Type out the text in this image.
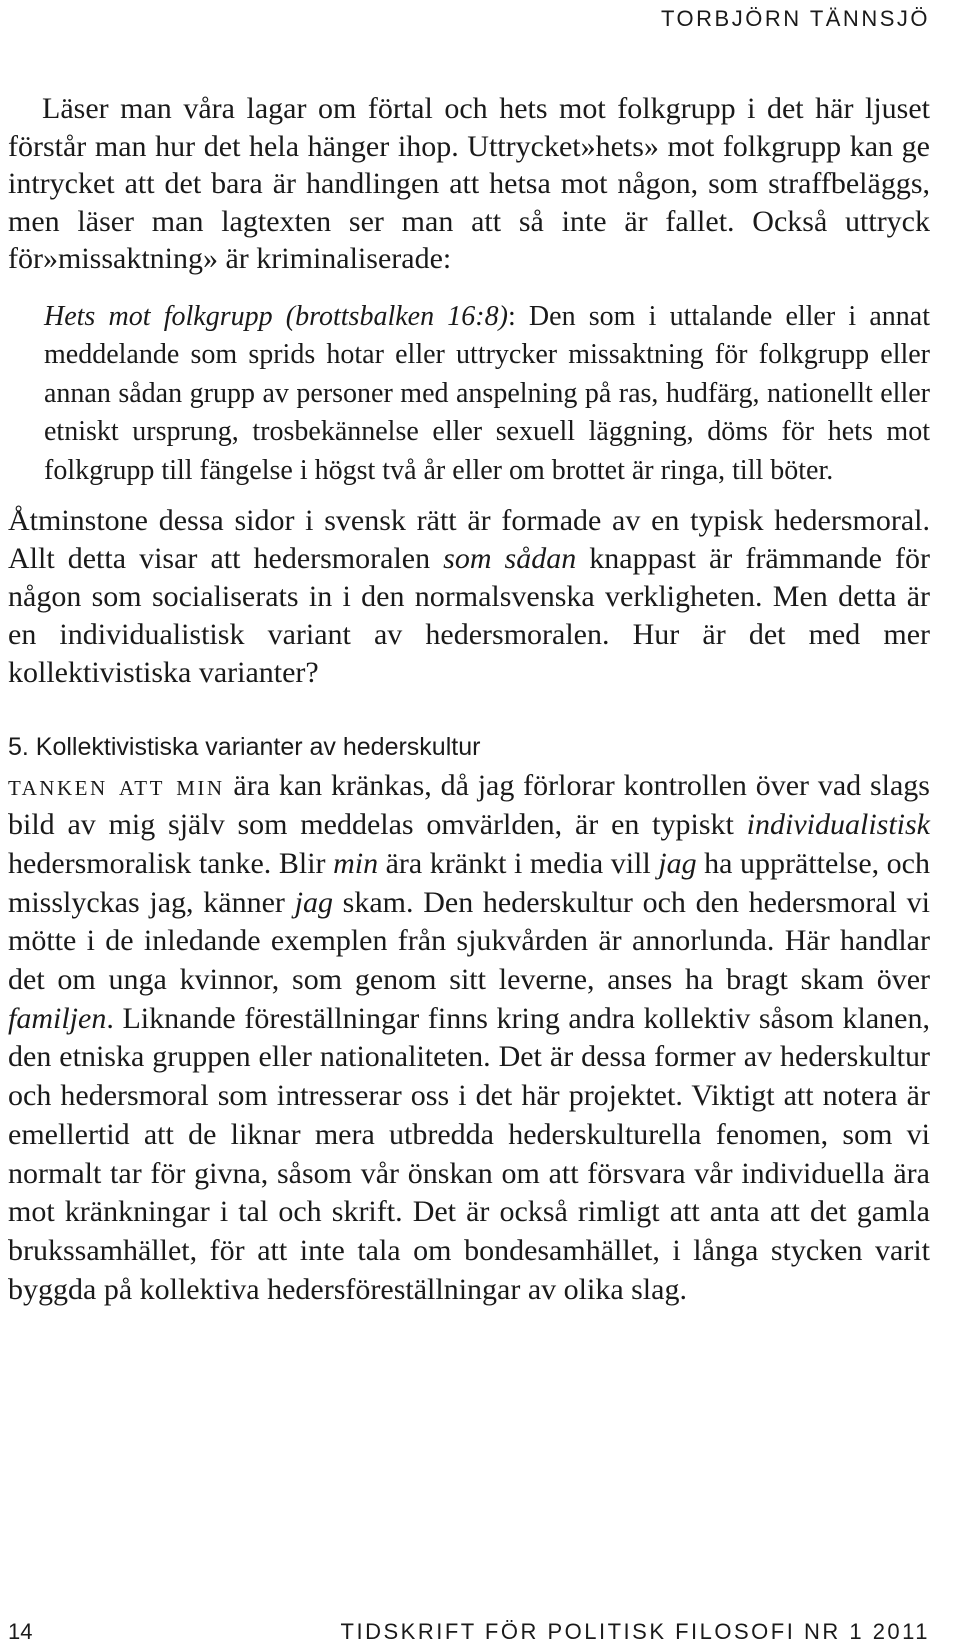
TORBJÖRN TÄNNSJÖ

Läser man våra lagar om förtal och hets mot folkgrupp i det här ljuset förstår man hur det hela hänger ihop. Uttrycket»hets» mot folkgrupp kan ge intrycket att det bara är handlingen att hetsa mot någon, som straffbeläggs, men läser man lagtexten ser man att så inte är fallet. Också uttryck för»missaktning» är kriminaliserade:

Hets mot folkgrupp (brottsbalken 16:8): Den som i uttalande eller i annat meddelande som sprids hotar eller uttrycker missaktning för folkgrupp eller annan sådan grupp av personer med anspelning på ras, hudfärg, nationellt eller etniskt ursprung, trosbekännelse eller sexuell läggning, döms för hets mot folkgrupp till fängelse i högst två år eller om brottet är ringa, till böter.

Åtminstone dessa sidor i svensk rätt är formade av en typisk hedersmoral. Allt detta visar att hedersmoralen som sådan knappast är främmande för någon som socialiserats in i den normalsvenska verkligheten. Men detta är en individualistisk variant av hedersmoralen. Hur är det med mer kollektivistiska varianter?

5. Kollektivistiska varianter av hederskultur

tanken att min ära kan kränkas, då jag förlorar kontrollen över vad slags bild av mig själv som meddelas omvärlden, är en typiskt individualistisk hedersmoralisk tanke. Blir min ära kränkt i media vill jag ha upprättelse, och misslyckas jag, känner jag skam. Den hederskultur och den hedersmoral vi mötte i de inledande exemplen från sjukvården är annorlunda. Här handlar det om unga kvinnor, som genom sitt leverne, anses ha bragt skam över familjen. Liknande föreställningar finns kring andra kollektiv såsom klanen, den etniska gruppen eller nationaliteten. Det är dessa former av hederskultur och hedersmoral som intresserar oss i det här projektet. Viktigt att notera är emellertid att de liknar mera utbredda hederskulturella fenomen, som vi normalt tar för givna, såsom vår önskan om att försvara vår individuella ära mot kränkningar i tal och skrift. Det är också rimligt att anta att det gamla brukssamhället, för att inte tala om bondesamhället, i långa stycken varit byggda på kollektiva hedersföreställningar av olika slag.

14	TIDSKRIFT FÖR POLITISK FILOSOFI NR 1 2011
